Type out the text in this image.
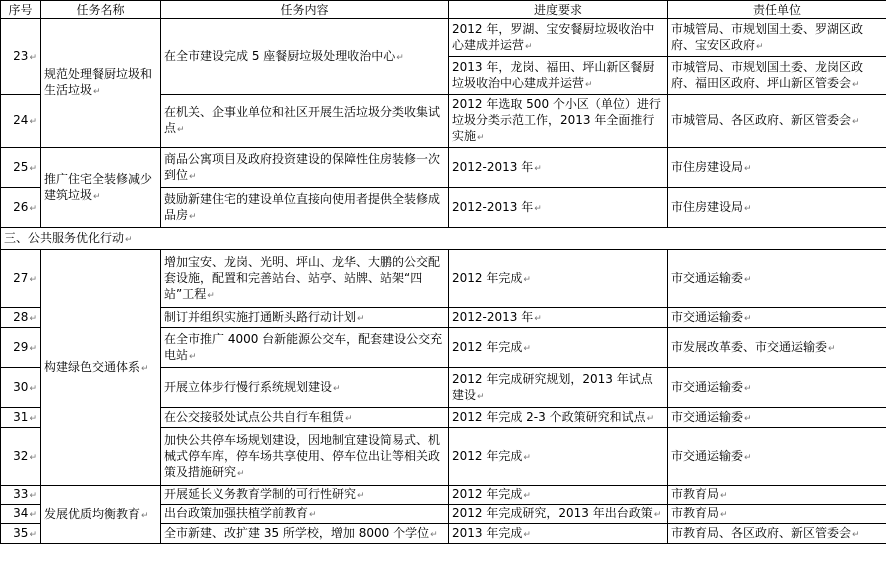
序号	任务名称	任务内容	进度要求	责任单位
23↵	规范处理餐厨垃圾和生活垃圾↵	在全市建设完成 5 座餐厨垃圾处理收治中心↵	2012 年，罗湖、宝安餐厨垃圾收治中心建成并运营↵	市城管局、市规划国土委、罗湖区政府、宝安区政府↵
			2013 年，龙岗、福田、坪山新区餐厨垃圾收治中心建成并运营↵	市城管局、市规划国土委、龙岗区政府、福田区政府、坪山新区管委会↵
24↵		在机关、企事业单位和社区开展生活垃圾分类收集试点↵	2012 年选取 500 个小区（单位）进行垃圾分类示范工作，2013 年全面推行实施↵	市城管局、各区政府、新区管委会↵
25↵	推广住宅全装修减少建筑垃圾↵	商品公寓项目及政府投资建设的保障性住房装修一次到位↵	2012-2013 年↵	市住房建设局↵
26↵		鼓励新建住宅的建设单位直接向使用者提供全装修成品房↵	2012-2013 年↵	市住房建设局↵
三、公共服务优化行动↵				
27↵	构建绿色交通体系↵	增加宝安、龙岗、光明、坪山、龙华、大鹏的公交配套设施，配置和完善站台、站亭、站牌、站架“四站”工程↵	2012 年完成↵	市交通运输委↵
28↵		制订并组织实施打通断头路行动计划↵	2012-2013 年↵	市交通运输委↵
29↵		在全市推广 4000 台新能源公交车，配套建设公交充电站↵	2012 年完成↵	市发展改革委、市交通运输委↵
30↵		开展立体步行慢行系统规划建设↵	2012 年完成研究规划，2013 年试点建设↵	市交通运输委↵
31↵		在公交接驳处试点公共自行车租赁↵	2012 年完成 2-3 个政策研究和试点↵	市交通运输委↵
32↵		加快公共停车场规划建设，因地制宜建设简易式、机械式停车库，停车场共享使用、停车位出让等相关政策及措施研究↵	2012 年完成↵	市交通运输委↵
33↵	发展优质均衡教育↵	开展延长义务教育学制的可行性研究↵	2012 年完成↵	市教育局↵
34↵		出台政策加强扶植学前教育↵	2012 年完成研究，2013 年出台政策↵	市教育局↵
35↵		全市新建、改扩建 35 所学校，增加 8000 个学位↵	2013 年完成↵	市教育局、各区政府、新区管委会↵
